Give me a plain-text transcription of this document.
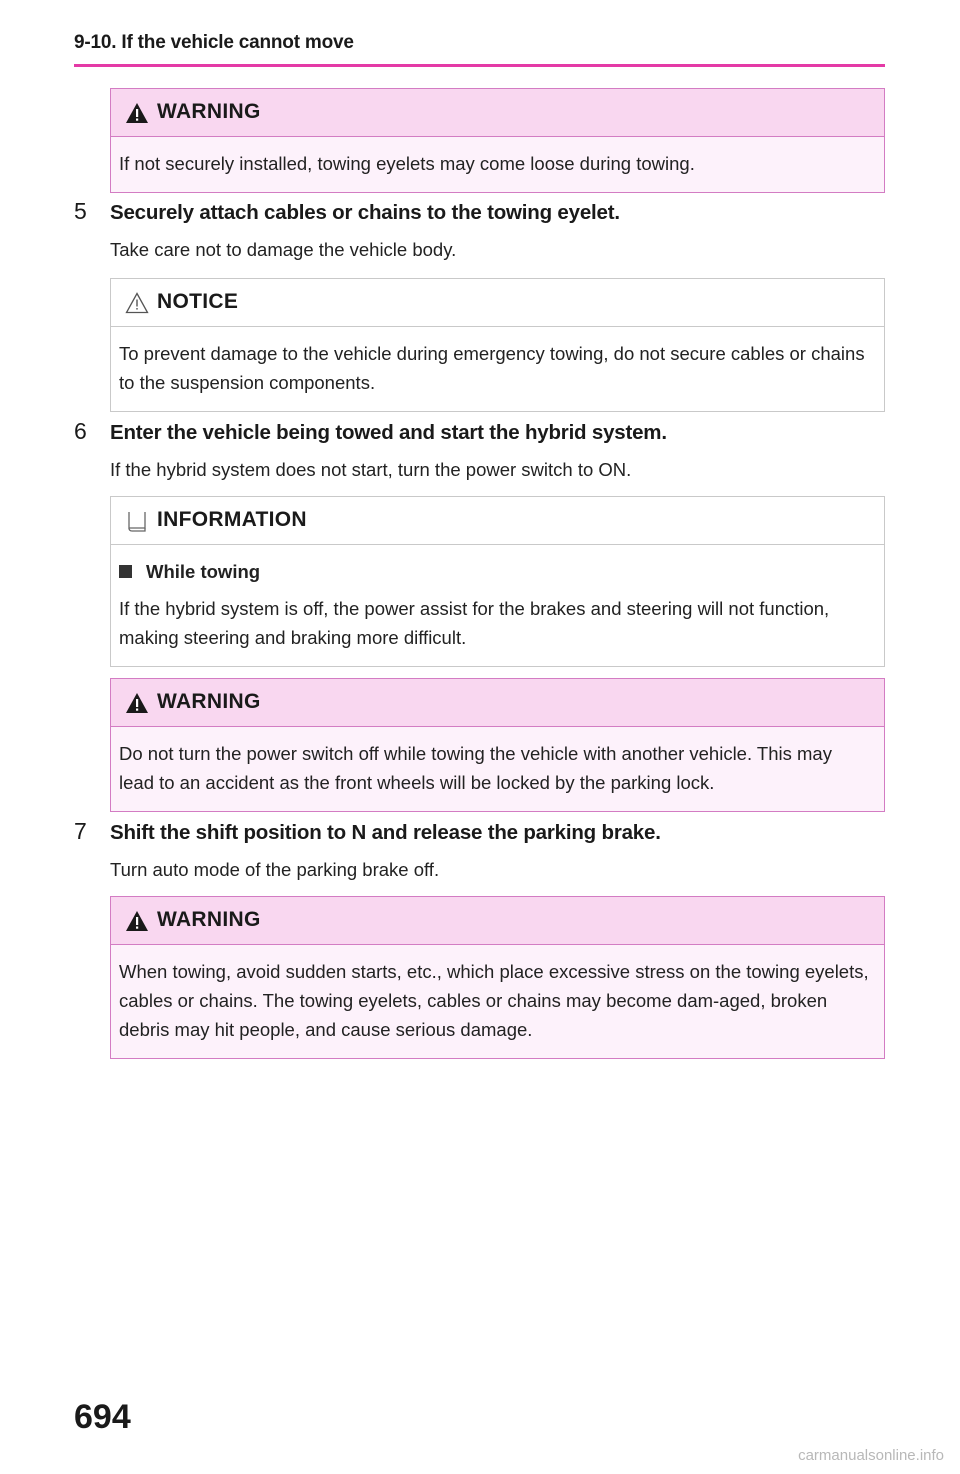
9-10. If the vehicle cannot move
WARNING
If not securely installed, towing eyelets may come loose during towing.
5	Securely attach cables or chains to the towing eyelet.
Take care not to damage the vehicle body.
NOTICE
To prevent damage to the vehicle during emergency towing, do not secure cables or chains to the suspension components.
6	Enter the vehicle being towed and start the hybrid system.
If the hybrid system does not start, turn the power switch to ON.
INFORMATION
While towing
If the hybrid system is off, the power assist for the brakes and steering will not function, making steering and braking more difficult.
WARNING
Do not turn the power switch off while towing the vehicle with another vehicle. This may lead to an accident as the front wheels will be locked by the parking lock.
7	Shift the shift position to N and release the parking brake.
Turn auto mode of the parking brake off.
WARNING
When towing, avoid sudden starts, etc., which place excessive stress on the towing eyelets, cables or chains. The towing eyelets, cables or chains may become dam-aged, broken debris may hit people, and cause serious damage.
694
carmanualsonline.info
